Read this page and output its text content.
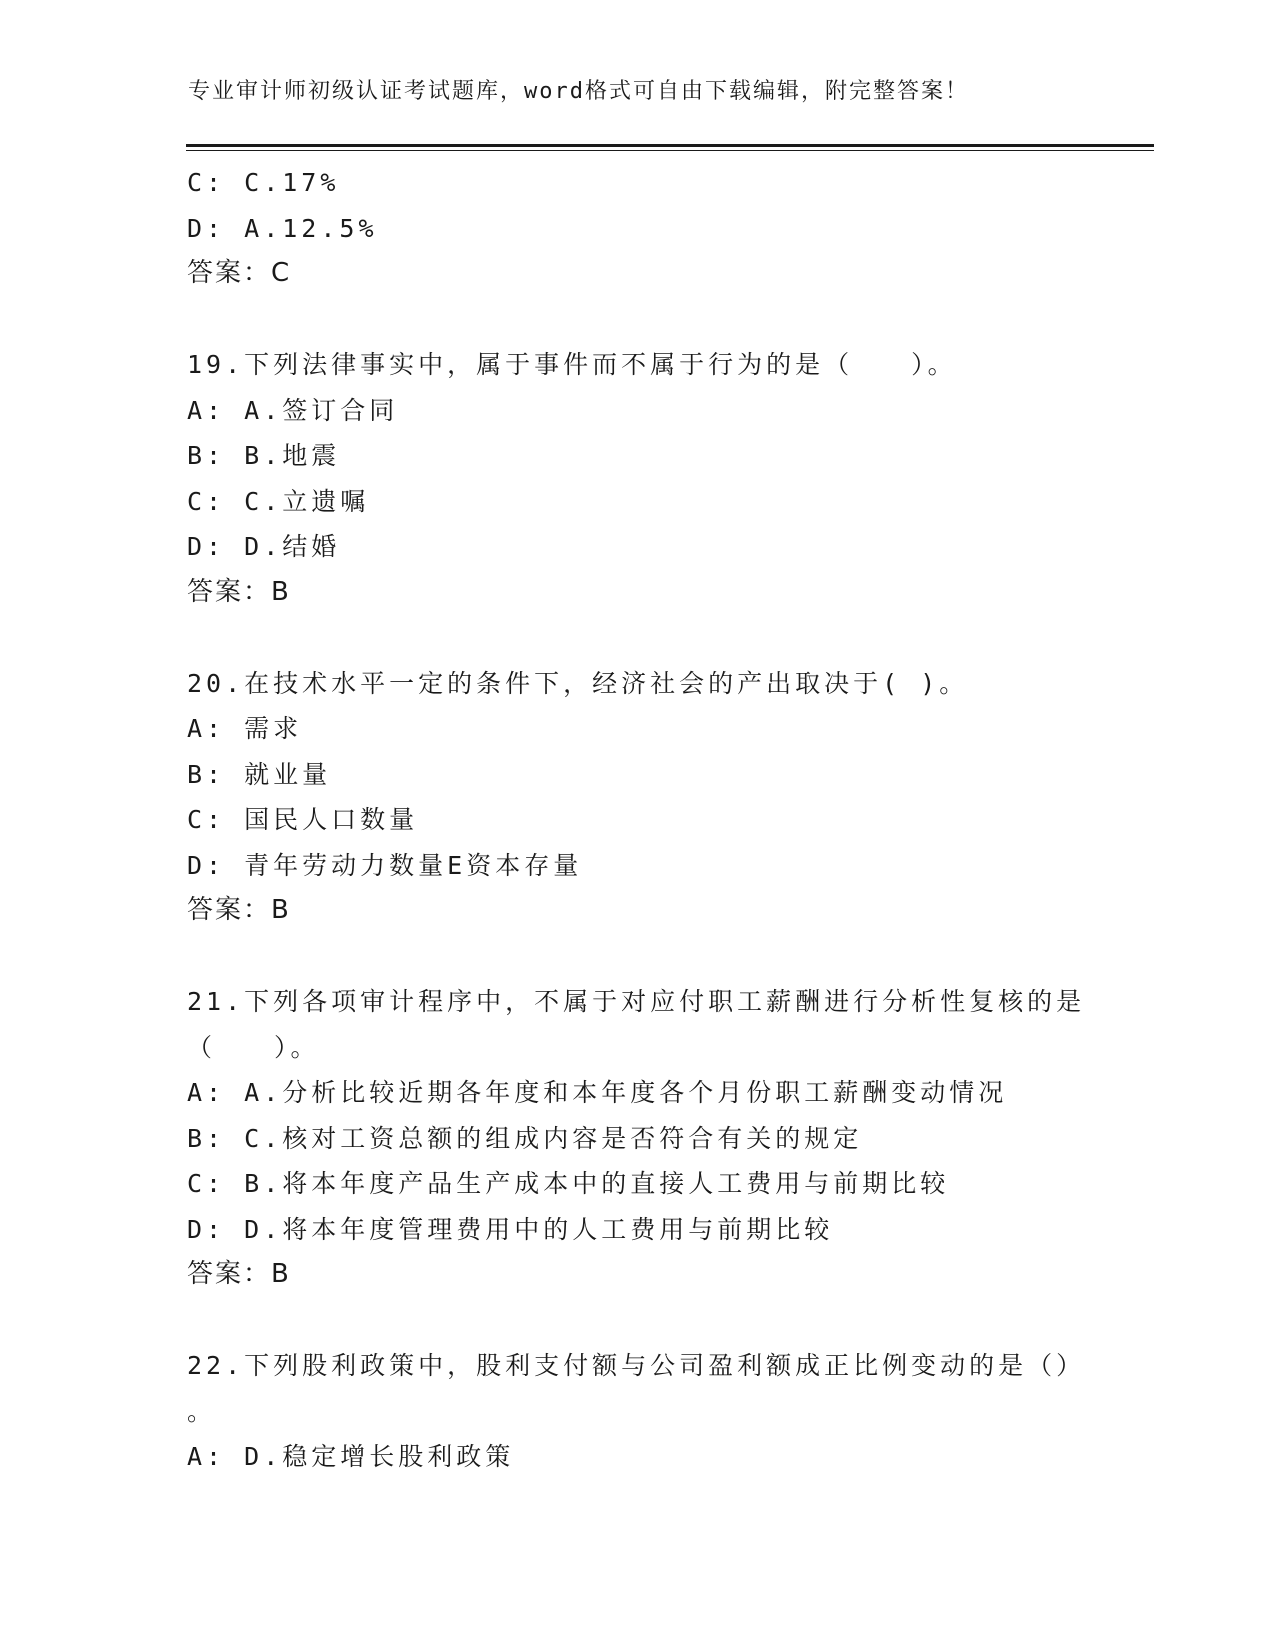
专业审计师初级认证考试题库，word格式可自由下载编辑，附完整答案！
C: C.17%
D: A.12.5%
答案：C
19.下列法律事实中，属于事件而不属于行为的是（　　）。
A: A.签订合同
B: B.地震
C: C.立遗嘱
D: D.结婚
答案：B
20.在技术水平一定的条件下，经济社会的产出取决于( )。
A: 需求
B: 就业量
C: 国民人口数量
D: 青年劳动力数量E资本存量
答案：B
21.下列各项审计程序中，不属于对应付职工薪酬进行分析性复核的是
（　　）。
A: A.分析比较近期各年度和本年度各个月份职工薪酬变动情况
B: C.核对工资总额的组成内容是否符合有关的规定
C: B.将本年度产品生产成本中的直接人工费用与前期比较
D: D.将本年度管理费用中的人工费用与前期比较
答案：B
22.下列股利政策中，股利支付额与公司盈利额成正比例变动的是（）
。
A: D.稳定增长股利政策
